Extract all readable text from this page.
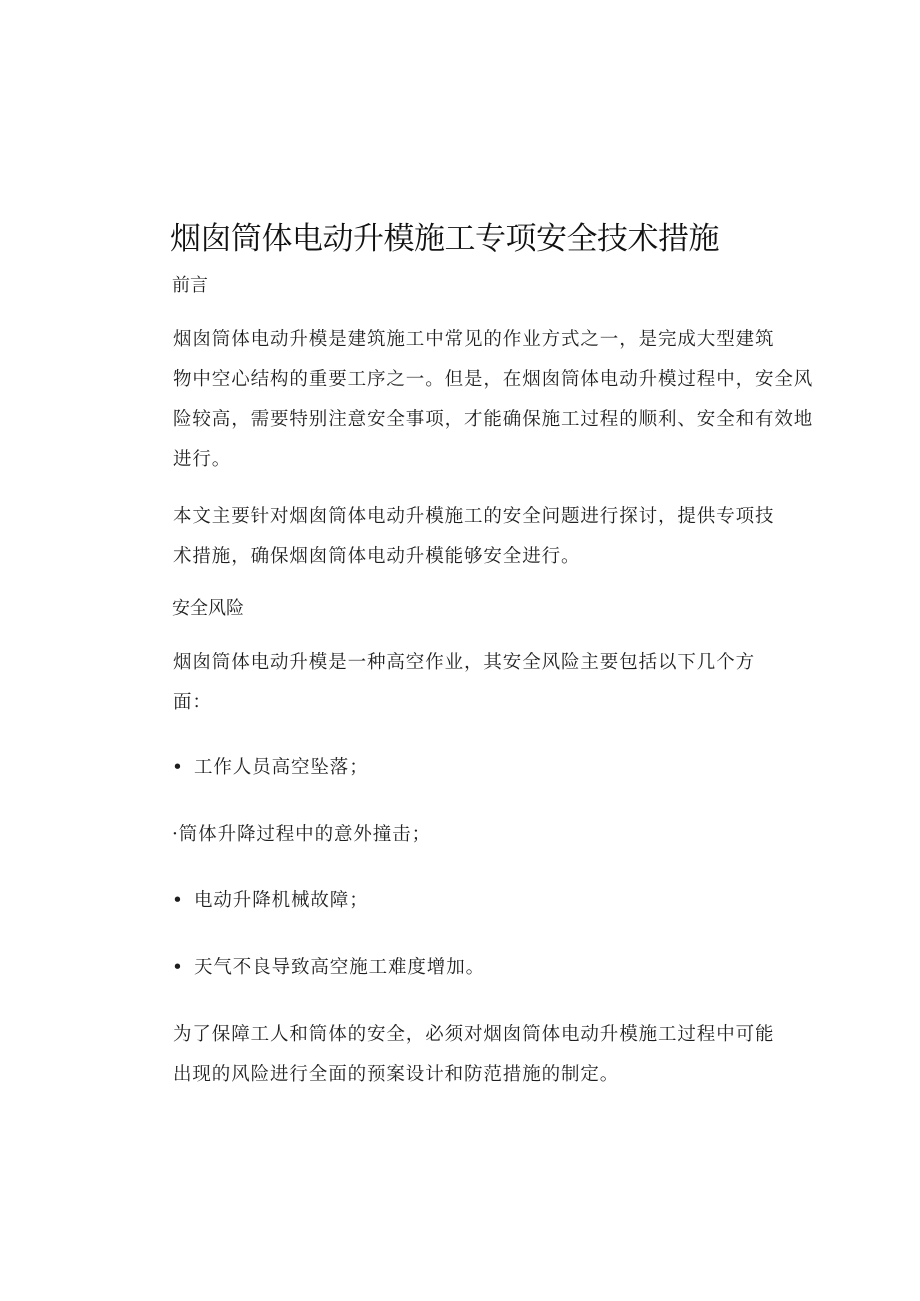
烟囱筒体电动升模施工专项安全技术措施
前言
烟囱筒体电动升模是建筑施工中常见的作业方式之一，是完成大型建筑
物中空心结构的重要工序之一。但是，在烟囱筒体电动升模过程中，安全风
险较高，需要特别注意安全事项，才能确保施工过程的顺利、安全和有效地
进行。
本文主要针对烟囱筒体电动升模施工的安全问题进行探讨，提供专项技
术措施，确保烟囱筒体电动升模能够安全进行。
安全风险
烟囱筒体电动升模是一种高空作业，其安全风险主要包括以下几个方
面：
• 工作人员高空坠落；
·筒体升降过程中的意外撞击；
• 电动升降机械故障；
• 天气不良导致高空施工难度增加。
为了保障工人和筒体的安全，必须对烟囱筒体电动升模施工过程中可能
出现的风险进行全面的预案设计和防范措施的制定。
